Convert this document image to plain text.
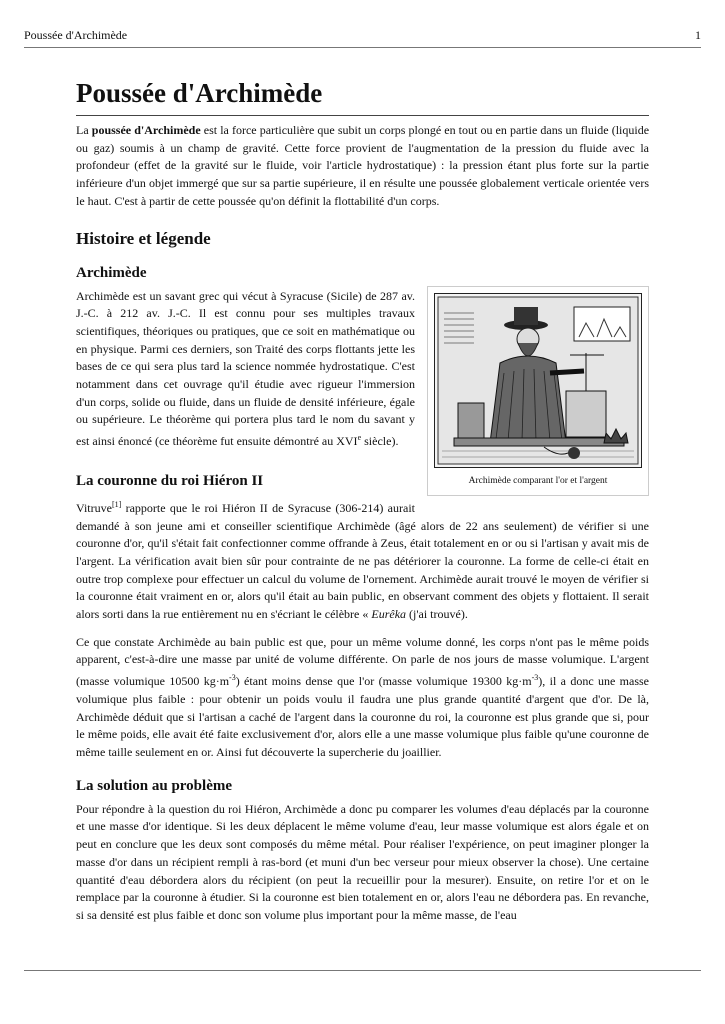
Poussée d'Archimède	1
Poussée d'Archimède

La poussée d'Archimède est la force particulière que subit un corps plongé en tout ou en partie dans un fluide (liquide ou gaz) soumis à un champ de gravité. Cette force provient de l'augmentation de la pression du fluide avec la profondeur (effet de la gravité sur le fluide, voir l'article hydrostatique) : la pression étant plus forte sur la partie inférieure d'un objet immergé que sur sa partie supérieure, il en résulte une poussée globalement verticale orientée vers le haut. C'est à partir de cette poussée qu'on définit la flottabilité d'un corps.

Histoire et légende
Archimède
Archimède comparant l'or et l'argent

Archimède est un savant grec qui vécut à Syracuse (Sicile) de 287 av. J.-C. à 212 av. J.-C. Il est connu pour ses multiples travaux scientifiques, théoriques ou pratiques, que ce soit en mathématique ou en physique. Parmi ces derniers, son Traité des corps flottants jette les bases de ce qui sera plus tard la science nommée hydrostatique. C'est notamment dans cet ouvrage qu'il étudie avec rigueur l'immersion d'un corps, solide ou fluide, dans un fluide de densité inférieure, égale ou supérieure. Le théorème qui portera plus tard le nom du savant y est ainsi énoncé (ce théorème fut ensuite démontré au XVIe siècle).

La couronne du roi Hiéron II

Vitruve[1] rapporte que le roi Hiéron II de Syracuse (306-214) aurait demandé à son jeune ami et conseiller scientifique Archimède (âgé alors de 22 ans seulement) de vérifier si une couronne d'or, qu'il s'était fait confectionner comme offrande à Zeus, était totalement en or ou si l'artisan y avait mis de l'argent. La vérification avait bien sûr pour contrainte de ne pas détériorer la couronne. La forme de celle-ci était en outre trop complexe pour effectuer un calcul du volume de l'ornement. Archimède aurait trouvé le moyen de vérifier si la couronne était vraiment en or, alors qu'il était au bain public, en observant comment des objets y flottaient. Il serait alors sorti dans la rue entièrement nu en s'écriant le célèbre « Eurêka (j'ai trouvé).

Ce que constate Archimède au bain public est que, pour un même volume donné, les corps n'ont pas le même poids apparent, c'est-à-dire une masse par unité de volume différente. On parle de nos jours de masse volumique. L'argent (masse volumique 10500 $kg\cdot m^{-3}$) étant moins dense que l'or (masse volumique 19300 $kg\cdot m^{-3}$), il a donc une masse volumique plus faible : pour obtenir un poids voulu il faudra une plus grande quantité d'argent que d'or. De là, Archimède déduit que si l'artisan a caché de l'argent dans la couronne du roi, la couronne est plus grande que si, pour le même poids, elle avait été faite exclusivement d'or, alors elle a une masse volumique plus faible qu'une couronne de même taille seulement en or. Ainsi fut découverte la supercherie du joaillier.

La solution au problème

Pour répondre à la question du roi Hiéron, Archimède a donc pu comparer les volumes d'eau déplacés par la couronne et une masse d'or identique. Si les deux déplacent le même volume d'eau, leur masse volumique est alors égale et on peut en conclure que les deux sont composés du même métal. Pour réaliser l'expérience, on peut imaginer plonger la masse d'or dans un récipient rempli à ras-bord (et muni d'un bec verseur pour mieux observer la chose). Une certaine quantité d'eau débordera alors du récipient (on peut la recueillir pour la mesurer). Ensuite, on retire l'or et on le remplace par la couronne à étudier. Si la couronne est bien totalement en or, alors l'eau ne débordera pas. En revanche, si sa densité est plus faible et donc son volume plus important pour la même masse, de l'eau
